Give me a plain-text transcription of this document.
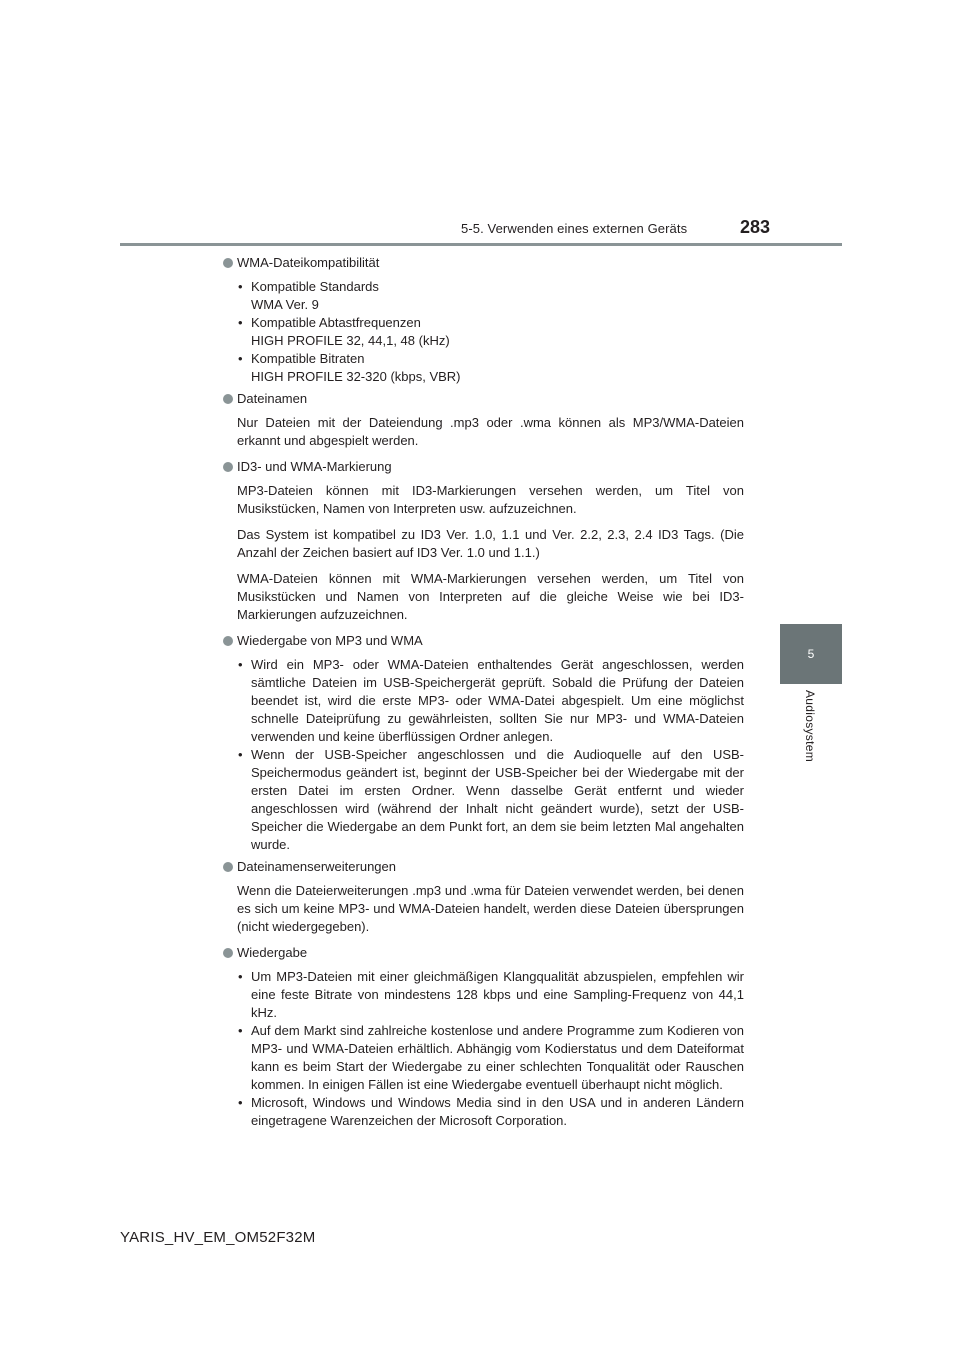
5-5. Verwenden eines externen Geräts	283
5
Audiosystem
WMA-Dateikompatibilität
• Kompatible Standards
WMA Ver. 9
• Kompatible Abtastfrequenzen
HIGH PROFILE 32, 44,1, 48 (kHz)
• Kompatible Bitraten
HIGH PROFILE 32-320 (kbps, VBR)
Dateinamen

Nur Dateien mit der Dateiendung .mp3 oder .wma können als MP3/WMA-Dateien erkannt und abgespielt werden.

ID3- und WMA-Markierung

MP3-Dateien können mit ID3-Markierungen versehen werden, um Titel von Musikstücken, Namen von Interpreten usw. aufzuzeichnen.

Das System ist kompatibel zu ID3 Ver. 1.0, 1.1 und Ver. 2.2, 2.3, 2.4 ID3 Tags. (Die Anzahl der Zeichen basiert auf ID3 Ver. 1.0 und 1.1.)

WMA-Dateien können mit WMA-Markierungen versehen werden, um Titel von Musikstücken und Namen von Interpreten auf die gleiche Weise wie bei ID3-Markierungen aufzuzeichnen.

Wiedergabe von MP3 und WMA
• Wird ein MP3- oder WMA-Dateien enthaltendes Gerät angeschlossen, werden sämtliche Dateien im USB-Speichergerät geprüft. Sobald die Prüfung der Dateien beendet ist, wird die erste MP3- oder WMA-Datei abgespielt. Um eine möglichst schnelle Dateiprüfung zu gewährleisten, sollten Sie nur MP3- und WMA-Dateien verwenden und keine überflüssigen Ordner anlegen.
• Wenn der USB-Speicher angeschlossen und die Audioquelle auf den USB-Speichermodus geändert ist, beginnt der USB-Speicher bei der Wiedergabe mit der ersten Datei im ersten Ordner. Wenn dasselbe Gerät entfernt und wieder angeschlossen wird (während der Inhalt nicht geändert wurde), setzt der USB-Speicher die Wiedergabe an dem Punkt fort, an dem sie beim letzten Mal angehalten wurde.
Dateinamenserweiterungen

Wenn die Dateierweiterungen .mp3 und .wma für Dateien verwendet werden, bei denen es sich um keine MP3- und WMA-Dateien handelt, werden diese Dateien übersprungen (nicht wiedergegeben).

Wiedergabe
• Um MP3-Dateien mit einer gleichmäßigen Klangqualität abzuspielen, empfehlen wir eine feste Bitrate von mindestens 128 kbps und eine Sampling-Frequenz von 44,1 kHz.
• Auf dem Markt sind zahlreiche kostenlose und andere Programme zum Kodieren von MP3- und WMA-Dateien erhältlich. Abhängig vom Kodierstatus und dem Dateiformat kann es beim Start der Wiedergabe zu einer schlechten Tonqualität oder Rauschen kommen. In einigen Fällen ist eine Wiedergabe eventuell überhaupt nicht möglich.
• Microsoft, Windows und Windows Media sind in den USA und in anderen Ländern eingetragene Warenzeichen der Microsoft Corporation.
YARIS_HV_EM_OM52F32M
